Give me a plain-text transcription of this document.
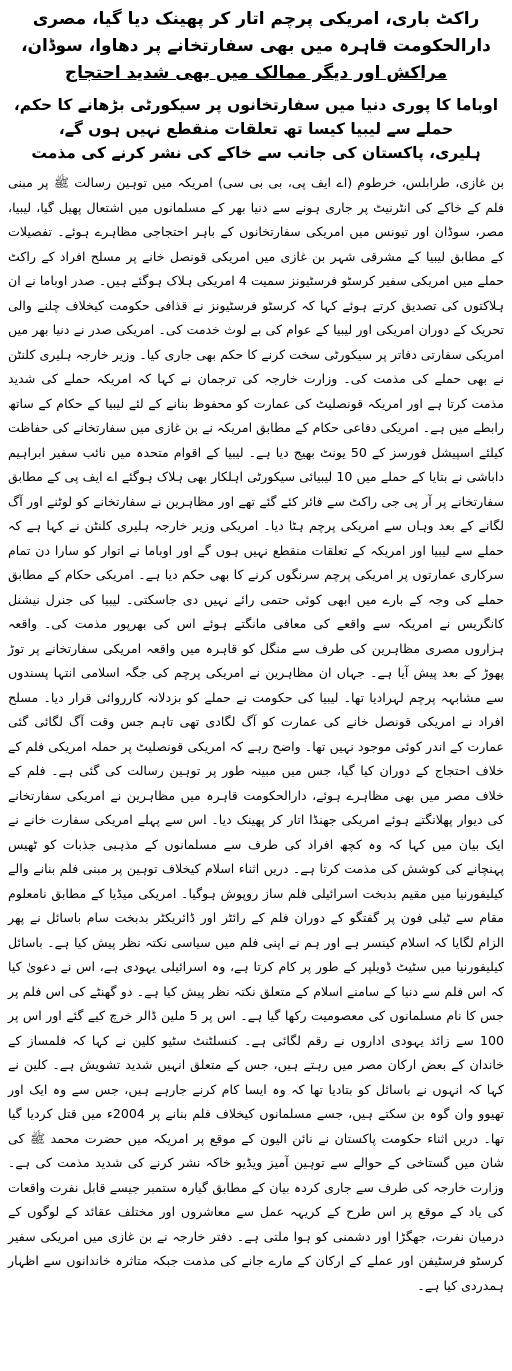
راکٹ باری، امریکی پرچم اتار کر پھینک دیا گیا، مصری دارالحکومت قاہرہ میں بھی سفارتخانے پر دھاوا، سوڈان،
مراکش اور دیگر ممالک میں بھی شدید احتجاج
اوباما کا پوری دنیا میں سفارتخانوں پر سیکورٹی بڑھانے کا حکم، حملے سے لیبیا کیسا تھ تعلقات منقطع نہیں ہوں گے،
ہلیری، پاکستان کی جانب سے خاکے کی نشر کرنے کی مذمت

بن غازی، طرابلس، خرطوم (اے ایف پی، بی بی سی) امریکہ میں توہین رسالت ﷺ پر مبنی فلم کے خاکے کی انٹرنیٹ پر جاری ہونے سے دنیا بھر کے مسلمانوں میں اشتعال پھیل گیا، لیبیا، مصر، سوڈان اور تیونس میں امریکی سفارتخانوں کے باہر احتجاجی مظاہرے ہوئے۔ تفصیلات کے مطابق لیبیا کے مشرقی شہر بن غازی میں امریکی قونصل خانے پر مسلح افراد کے راکٹ حملے میں امریکی سفیر کرسٹو فرسٹیونز سمیت 4 امریکی ہلاک ہوگئے ہیں۔ صدر اوباما نے ان ہلاکتوں کی تصدیق کرتے ہوئے کہا کہ کرسٹو فرسٹیونز نے قذافی حکومت کیخلاف چلنے والی تحریک کے دوران امریکی اور لیبیا کے عوام کی بے لوث خدمت کی۔ امریکی صدر نے دنیا بھر میں امریکی سفارتی دفاتر پر سیکورٹی سخت کرنے کا حکم بھی جاری کیا۔ وزیر خارجہ ہلیری کلنٹن نے بھی حملے کی مذمت کی۔ وزارت خارجہ کی ترجمان نے کہا کہ امریکہ حملے کی شدید مذمت کرتا ہے اور امریکہ قونصلیٹ کی عمارت کو محفوظ بنانے کے لئے لیبیا کے حکام کے ساتھ رابطے میں ہے۔ امریکی دفاعی حکام کے مطابق امریکہ نے بن غازی میں سفارتخانے کی حفاظت کیلئے اسپیشل فورسز کے 50 یونٹ بھیج دیا ہے۔ لیبیا کے اقوام متحدہ میں نائب سفیر ابراہیم داباشی نے بتایا کے حملے میں 10 لیبیائی سیکورٹی اہلکار بھی ہلاک ہوگئے اے ایف پی کے مطابق سفارتخانے پر آر پی جی راکٹ سے فائر کئے گئے تھے اور مظاہرین نے سفارتخانے کو لوٹنے اور آگ لگانے کے بعد وہاں سے امریکی پرچم ہٹا دیا۔ امریکی وزیر خارجہ ہلیری کلنٹن نے کہا ہے کہ حملے سے لیبیا اور امریکہ کے تعلقات منقطع نہیں ہوں گے اور اوباما نے اتوار کو سارا دن تمام سرکاری عمارتوں پر امریکی پرچم سرنگوں کرنے کا بھی حکم دیا ہے۔ امریکی حکام کے مطابق حملے کی وجہ کے بارے میں ابھی کوئی حتمی رائے نہیں دی جاسکتی۔ لیبیا کی جنرل نیشنل کانگریس نے امریکہ سے واقعے کی معافی مانگتے ہوئے اس کی بھرپور مذمت کی۔ واقعہ ہزاروں مصری مظاہرین کی طرف سے منگل کو قاہرہ میں واقعہ امریکی سفارتخانے پر توڑ پھوڑ کے بعد پیش آیا ہے۔ جہاں ان مظاہرین نے امریکی پرچم کی جگہ اسلامی انتہا پسندوں سے مشابہہ پرچم لہرادیا تھا۔ لیبیا کی حکومت نے حملے کو بزدلانہ کارروائی قرار دیا۔ مسلح افراد نے امریکی قونصل خانے کی عمارت کو آگ لگادی تھی تاہم جس وقت آگ لگائی گئی عمارت کے اندر کوئی موجود نہیں تھا۔ واضح رہے کہ امریکی قونصلیٹ پر حملہ امریکی فلم کے خلاف احتجاج کے دوران کیا گیا، جس میں مبینہ طور پر توہین رسالت کی گئی ہے۔ فلم کے خلاف مصر میں بھی مظاہرے ہوئے، دارالحکومت قاہرہ میں مظاہرین نے امریکی سفارتخانے کی دیوار پھلانگتے ہوئے امریکی جھنڈا اتار کر پھینک دیا۔ اس سے پہلے امریکی سفارت خانے نے ایک بیان میں کہا کہ وہ کچھ افراد کی طرف سے مسلمانوں کے مذہبی جذبات کو ٹھیس پہنچانے کی کوشش کی مذمت کرتا ہے۔ دریں اثناء اسلام کیخلاف توہین پر مبنی فلم بنانے والے کیلیفورنیا میں مقیم بدبخت اسرائیلی فلم ساز روپوش ہوگیا۔ امریکی میڈیا کے مطابق نامعلوم مقام سے ٹیلی فون پر گفتگو کے دوران فلم کے رائٹر اور ڈائریکٹر بدبخت سام باسائل نے پھر الزام لگایا کہ اسلام کینسر ہے اور ہم نے اپنی فلم میں سیاسی نکتہ نظر پیش کیا ہے۔ باسائل کیلیفورنیا میں سٹیٹ ڈویلپر کے طور پر کام کرتا ہے، وہ اسرائیلی یہودی ہے، اس نے دعویٰ کیا کہ اس فلم سے دنیا کے سامنے اسلام کے متعلق نکتہ نظر پیش کیا ہے۔ دو گھنٹے کی اس فلم پر جس کا نام مسلمانوں کی معصومیت رکھا گیا ہے۔ اس پر 5 ملین ڈالر خرچ کیے گئے اور اس پر 100 سے زائد یہودی اداروں نے رقم لگائی ہے۔ کنسلٹنٹ سٹیو کلین نے کہا کہ فلمساز کے خاندان کے بعض ارکان مصر میں رہتے ہیں، جس کے متعلق انہیں شدید تشویش ہے۔ کلین نے کہا کہ انہوں نے باسائل کو بتادیا تھا کہ وہ ایسا کام کرنے جارہے ہیں، جس سے وہ ایک اور تھیوو وان گوہ بن سکتے ہیں، جسے مسلمانوں کیخلاف فلم بنانے پر 2004ء میں قتل کردیا گیا تھا۔ دریں اثناء حکومت پاکستان نے نائن الیون کے موقع پر امریکہ میں حضرت محمد ﷺ کی شان میں گستاخی کے حوالے سے توہین آمیز ویڈیو خاکہ نشر کرنے کی شدید مذمت کی ہے۔ وزارت خارجہ کی طرف سے جاری کردہ بیان کے مطابق گیارہ ستمبر جیسے قابل نفرت واقعات کی یاد کے موقع پر اس طرح کے کریہہ عمل سے معاشروں اور مختلف عقائد کے لوگوں کے درمیان نفرت، جھگڑا اور دشمنی کو ہوا ملتی ہے۔ دفتر خارجہ نے بن غازی میں امریکی سفیر کرسٹو فرسٹیفن اور عملے کے ارکان کے مارے جانے کی مذمت جبکہ متاثرہ خاندانوں سے اظہار ہمدردی کیا ہے۔
